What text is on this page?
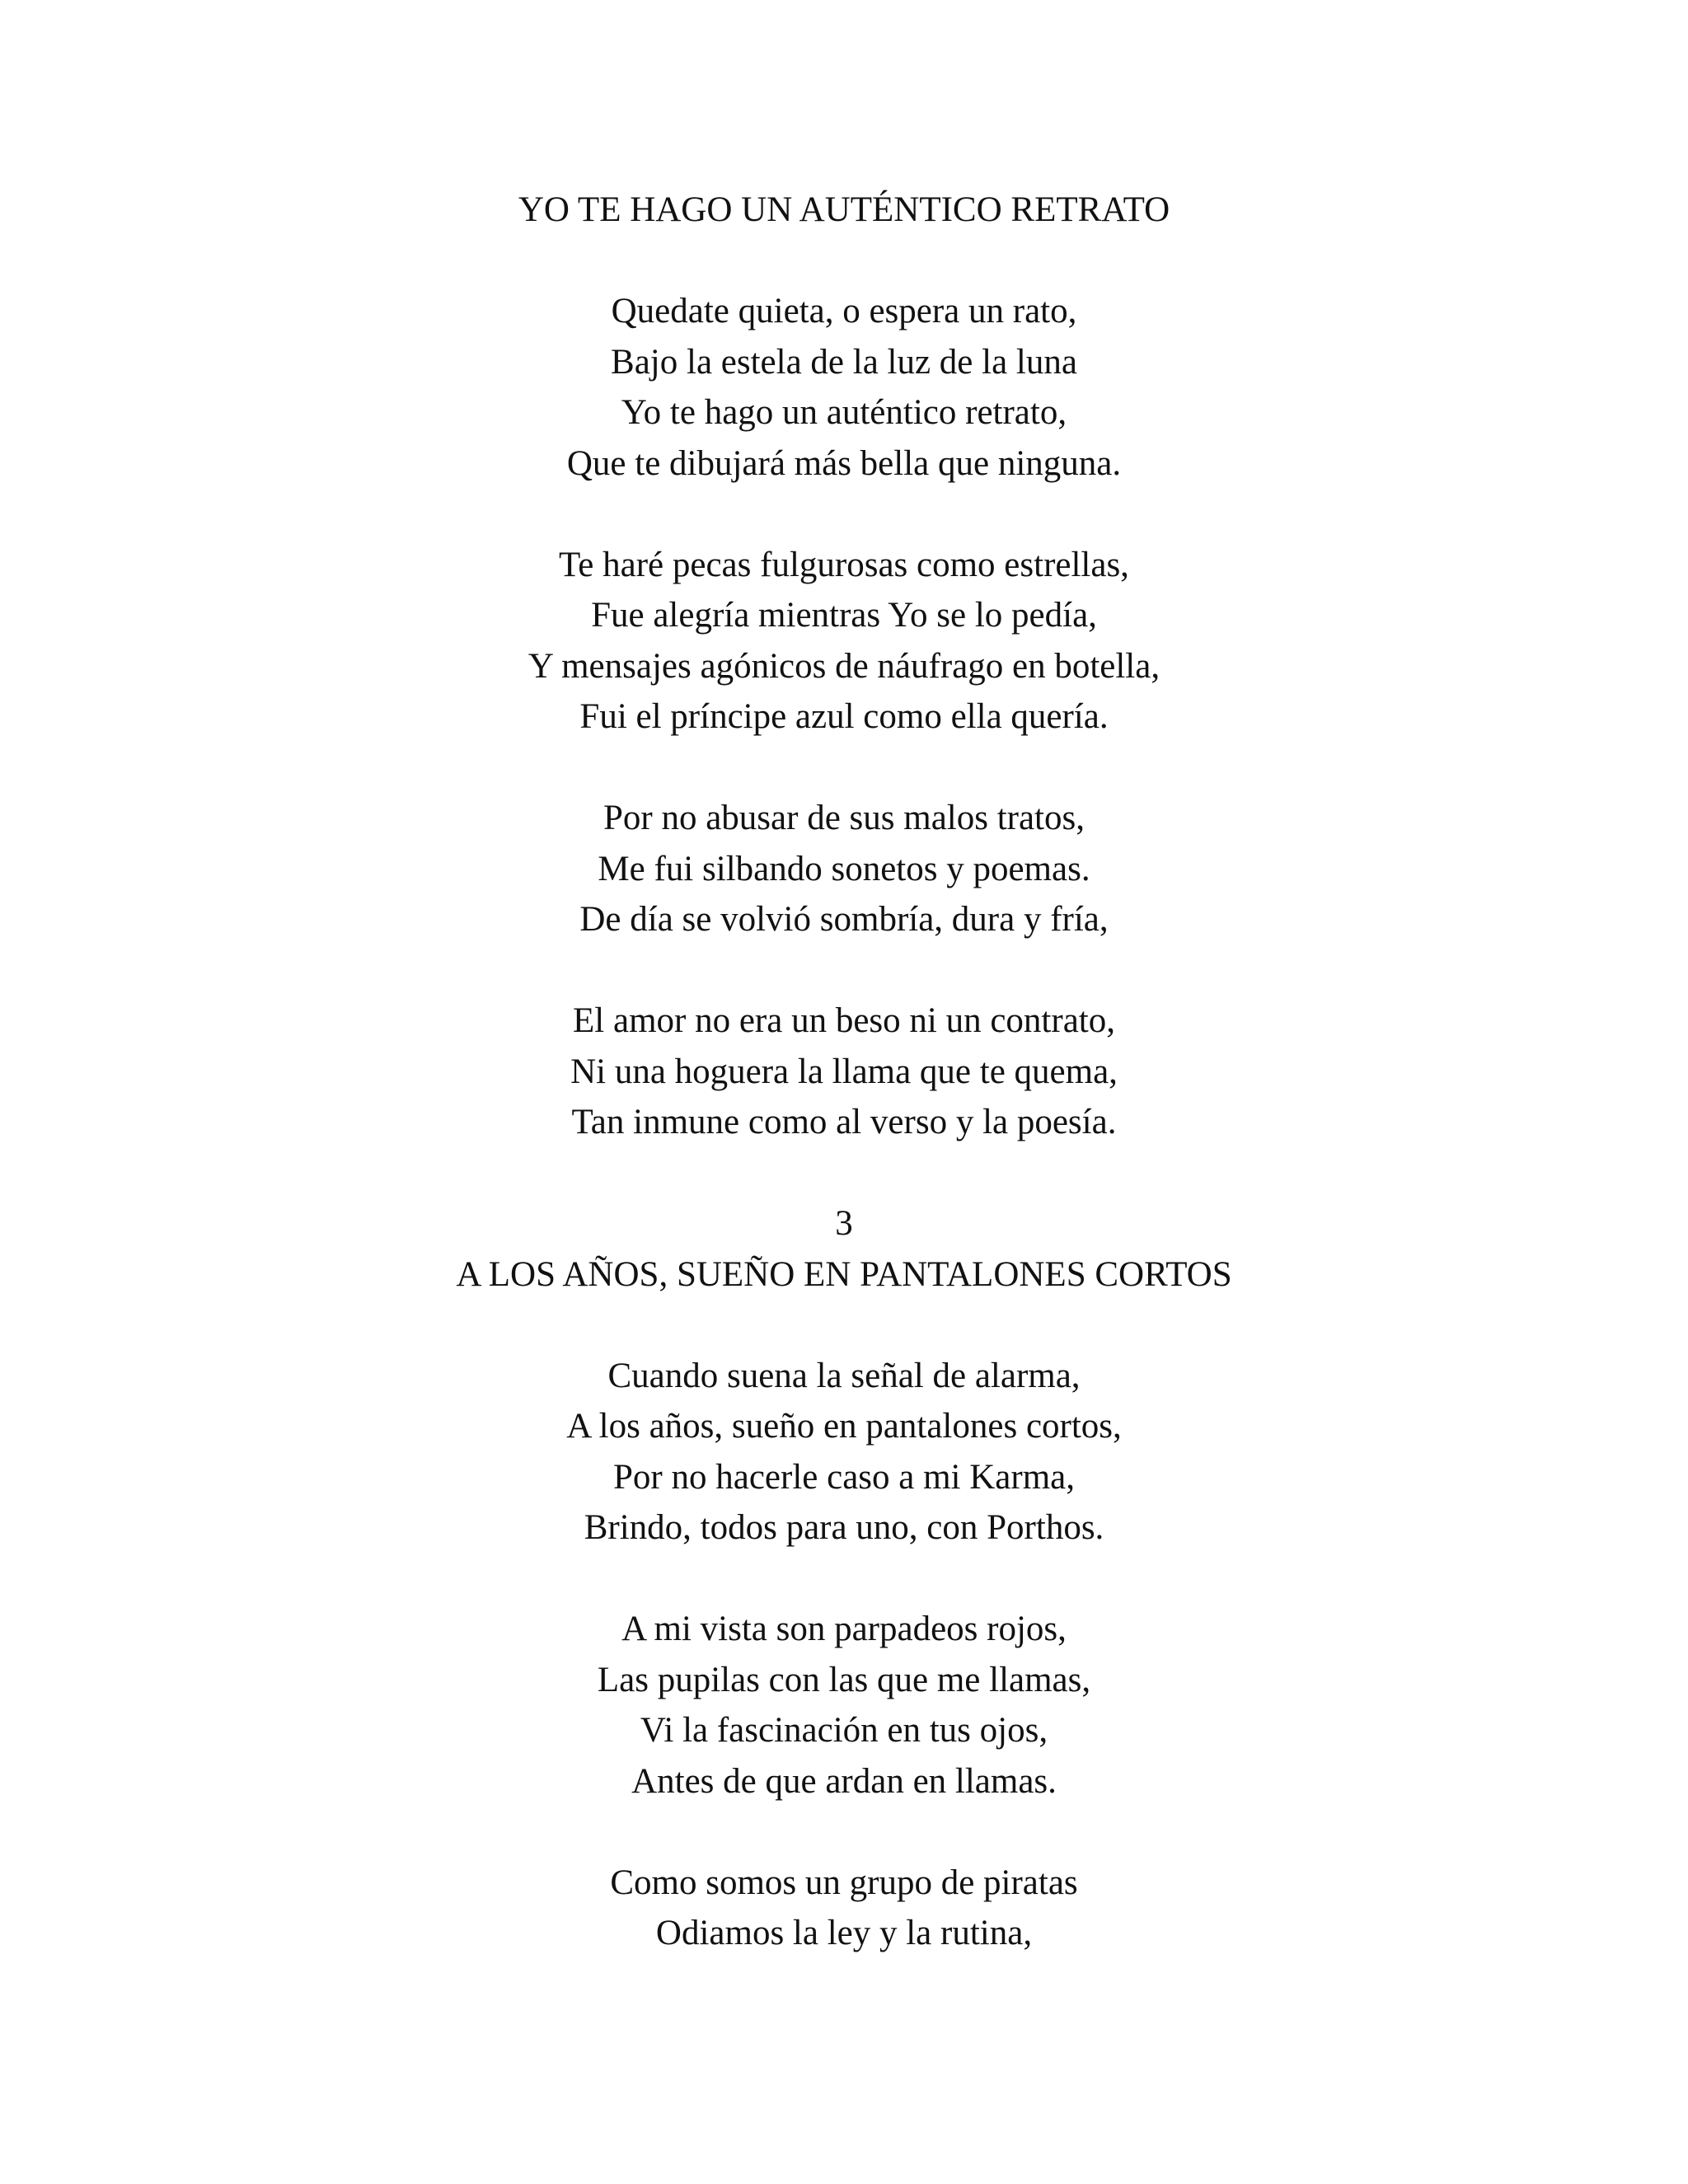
YO TE HAGO UN AUTÉNTICO RETRATO
Quedate quieta, o espera un rato,
Bajo la estela de la luz de la luna
Yo te hago un auténtico retrato,
Que te dibujará más bella que ninguna.
Te haré pecas fulgurosas como estrellas,
Fue alegría mientras Yo se lo pedía,
Y mensajes agónicos de náufrago en botella,
Fui el príncipe azul como ella quería.
Por no abusar de sus malos tratos,
Me fui silbando sonetos y poemas.
De día se volvió sombría, dura y fría,
El amor no era un beso ni un contrato,
Ni una hoguera la llama que te quema,
Tan inmune como al verso y la poesía.
3
A LOS AÑOS, SUEÑO EN PANTALONES CORTOS
Cuando suena la señal de alarma,
A los años, sueño en pantalones cortos,
Por no hacerle caso a mi Karma,
Brindo, todos para uno, con Porthos.
A mi vista son parpadeos rojos,
Las pupilas con las que me llamas,
Vi la fascinación en tus ojos,
Antes de que ardan en llamas.
Como somos un grupo de piratas
Odiamos la ley y la rutina,
